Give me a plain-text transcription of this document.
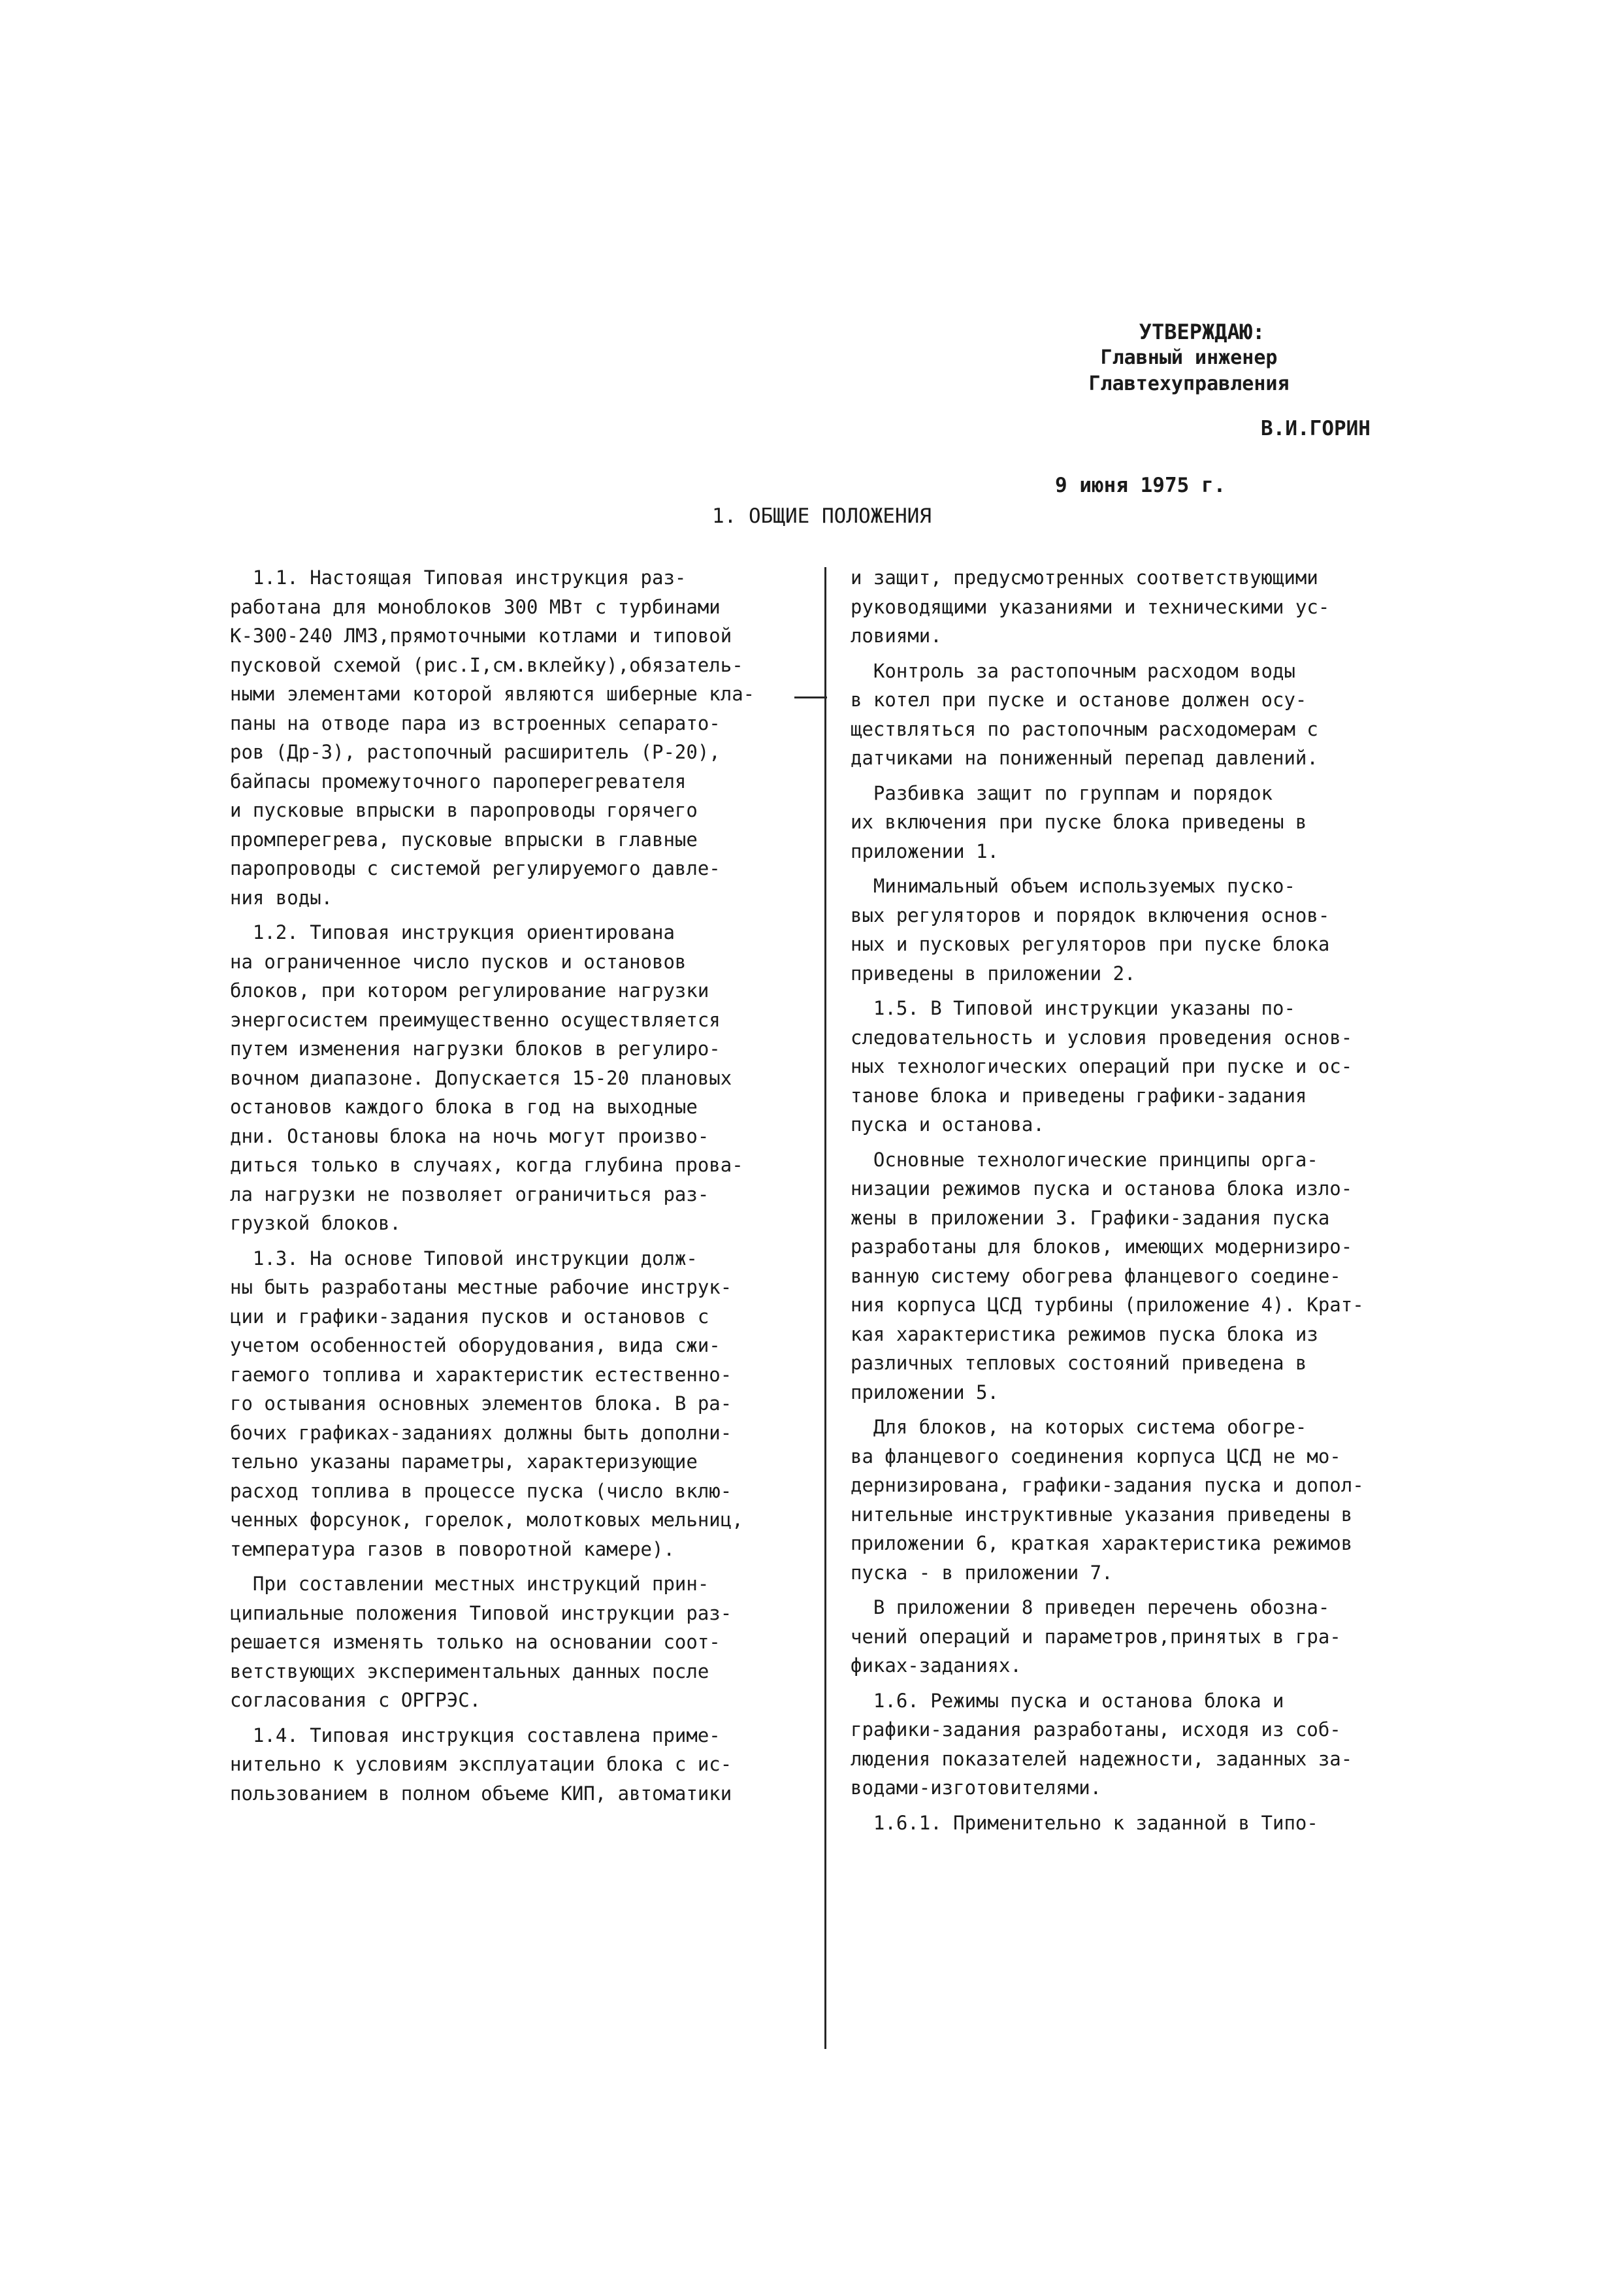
УТВЕРЖДАЮ:
Главный инженер
Главтехуправления
В.И.ГОРИН
9 июня 1975 г.
1. ОБЩИЕ ПОЛОЖЕНИЯ
1.1. Настоящая Типовая инструкция раз-
работана для моноблоков 300 МВт с турбинами
К-300-240 ЛМЗ,прямоточными котлами и типовой
пусковой схемой (рис.I,см.вклейку),обязатель-
ными элементами которой являются шиберные кла-
паны на отводе пара из встроенных сепарато-
ров (Др-3), растопочный расширитель (Р-20),
байпасы промежуточного пароперегревателя
и пусковые впрыски в паропроводы горячего
промперегрева, пусковые впрыски в главные
паропроводы с системой регулируемого давле-
ния воды.
1.2. Типовая инструкция ориентирована
на ограниченное число пусков и остановов
блоков, при котором регулирование нагрузки
энергосистем преимущественно осуществляется
путем изменения нагрузки блоков в регулиро-
вочном диапазоне. Допускается 15-20 плановых
остановов каждого блока в год на выходные
дни. Остановы блока на ночь могут произво-
диться только в случаях, когда глубина прова-
ла нагрузки не позволяет ограничиться раз-
грузкой блоков.
1.3. На основе Типовой инструкции долж-
ны быть разработаны местные рабочие инструк-
ции и графики-задания пусков и остановов с
учетом особенностей оборудования, вида сжи-
гаемого топлива и характеристик естественно-
го остывания основных элементов блока. В ра-
бочих графиках-заданиях должны быть дополни-
тельно указаны параметры, характеризующие
расход топлива в процессе пуска (число вклю-
ченных форсунок, горелок, молотковых мельниц,
температура газов в поворотной камере).
При составлении местных инструкций прин-
ципиальные положения Типовой инструкции раз-
решается изменять только на основании соот-
ветствующих экспериментальных данных после
согласования с ОРГРЭС.
1.4. Типовая инструкция составлена приме-
нительно к условиям эксплуатации блока с ис-
пользованием в полном объеме КИП, автоматики
и защит, предусмотренных соответствующими
руководящими указаниями и техническими ус-
ловиями.
Контроль за растопочным расходом воды
в котел при пуске и останове должен осу-
ществляться по растопочным расходомерам с
датчиками на пониженный перепад давлений.
Разбивка защит по группам и порядок
их включения при пуске блока приведены в
приложении 1.
Минимальный объем используемых пуско-
вых регуляторов и порядок включения основ-
ных и пусковых регуляторов при пуске блока
приведены в приложении 2.
1.5. В Типовой инструкции указаны по-
следовательность и условия проведения основ-
ных технологических операций при пуске и ос-
танове блока и приведены графики-задания
пуска и останова.
Основные технологические принципы орга-
низации режимов пуска и останова блока изло-
жены в приложении 3. Графики-задания пуска
разработаны для блоков, имеющих модернизиро-
ванную систему обогрева фланцевого соедине-
ния корпуса ЦСД турбины (приложение 4). Крат-
кая характеристика режимов пуска блока из
различных тепловых состояний приведена в
приложении 5.
Для блоков, на которых система обогре-
ва фланцевого соединения корпуса ЦСД не мо-
дернизирована, графики-задания пуска и допол-
нительные инструктивные указания приведены в
приложении 6, краткая характеристика режимов
пуска - в приложении 7.
В приложении 8 приведен перечень обозна-
чений операций и параметров,принятых в гра-
фиках-заданиях.
1.6. Режимы пуска и останова блока и
графики-задания разработаны, исходя из соб-
людения показателей надежности, заданных за-
водами-изготовителями.
1.6.1. Применительно к заданной в Типо-
